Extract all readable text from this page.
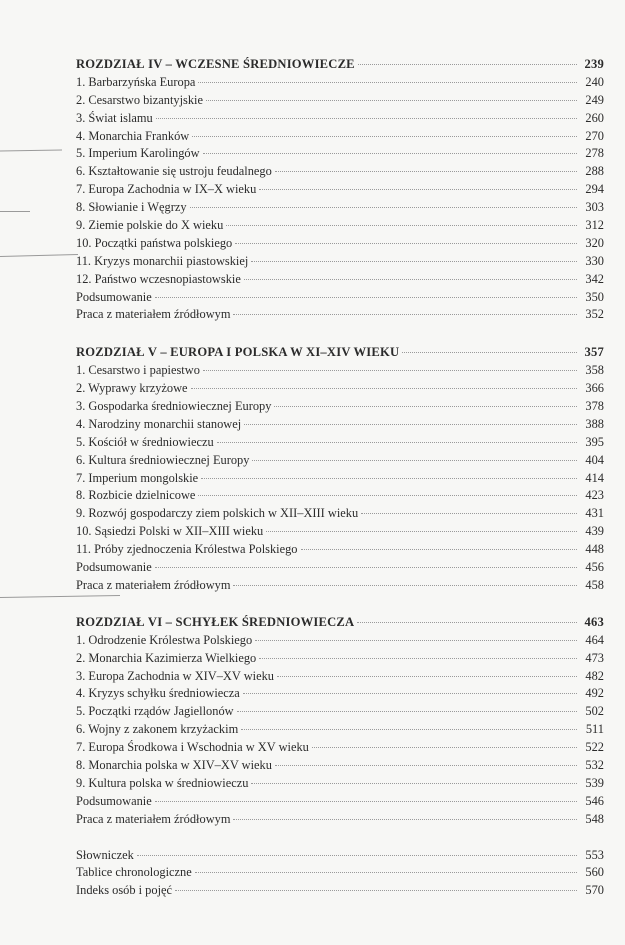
ROZDZIAŁ IV – WCZESNE ŚREDNIOWIECZE	239
1. Barbarzyńska Europa	240
2. Cesarstwo bizantyjskie	249
3. Świat islamu	260
4. Monarchia Franków	270
5. Imperium Karolingów	278
6. Kształtowanie się ustroju feudalnego	288
7. Europa Zachodnia w IX–X wieku	294
8. Słowianie i Węgrzy	303
9. Ziemie polskie do X wieku	312
10. Początki państwa polskiego	320
11. Kryzys monarchii piastowskiej	330
12. Państwo wczesnopiastowskie	342
Podsumowanie	350
Praca z materiałem źródłowym	352
ROZDZIAŁ V – EUROPA I POLSKA W XI–XIV WIEKU	357
1. Cesarstwo i papiestwo	358
2. Wyprawy krzyżowe	366
3. Gospodarka średniowiecznej Europy	378
4. Narodziny monarchii stanowej	388
5. Kościół w średniowieczu	395
6. Kultura średniowiecznej Europy	404
7. Imperium mongolskie	414
8. Rozbicie dzielnicowe	423
9. Rozwój gospodarczy ziem polskich w XII–XIII wieku	431
10. Sąsiedzi Polski w XII–XIII wieku	439
11. Próby zjednoczenia Królestwa Polskiego	448
Podsumowanie	456
Praca z materiałem źródłowym	458
ROZDZIAŁ VI – SCHYŁEK ŚREDNIOWIECZA	463
1. Odrodzenie Królestwa Polskiego	464
2. Monarchia Kazimierza Wielkiego	473
3. Europa Zachodnia w XIV–XV wieku	482
4. Kryzys schyłku średniowiecza	492
5. Początki rządów Jagiellonów	502
6. Wojny z zakonem krzyżackim	511
7. Europa Środkowa i Wschodnia w XV wieku	522
8. Monarchia polska w XIV–XV wieku	532
9. Kultura polska w średniowieczu	539
Podsumowanie	546
Praca z materiałem źródłowym	548
Słowniczek	553
Tablice chronologiczne	560
Indeks osób i pojęć	570
